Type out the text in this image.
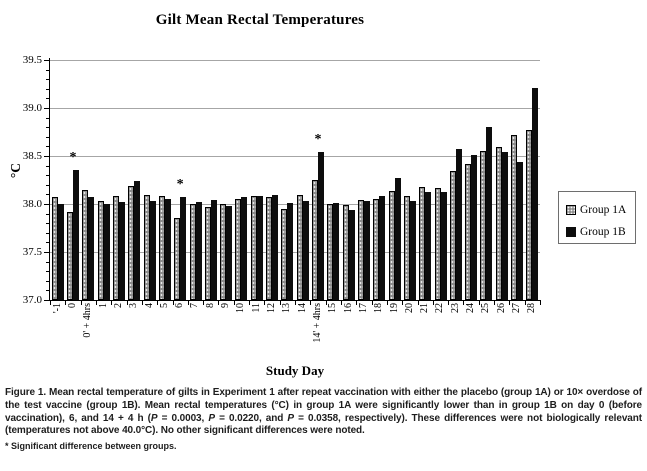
Gilt Mean Rectal Temperatures
°C
37.0
37.5
38.0
38.5
39.0
39.5
'-1 0
*
0' + 4hrs 1 2 3 4 5 6
*
7 8 9 10 11 12 13 14 14' + 4hrs
*
15 16 17 18 19 20 21 22 23 24 25 26 27 28
Study Day
Group 1A
Group 1B
Figure 1. Mean rectal temperature of gilts in Experiment 1 after repeat vaccination with either the placebo (group 1A) or 10× overdose of the test vaccine (group 1B). Mean rectal temperatures (°C) in group 1A were significantly lower than in group 1B on day 0 (before vaccination), 6, and 14 + 4 h (P = 0.0003, P = 0.0220, and P = 0.0358, respectively). These differences were not biologically relevant (temperatures not above 40.0°C). No other significant differences were noted.
* Significant difference between groups.
